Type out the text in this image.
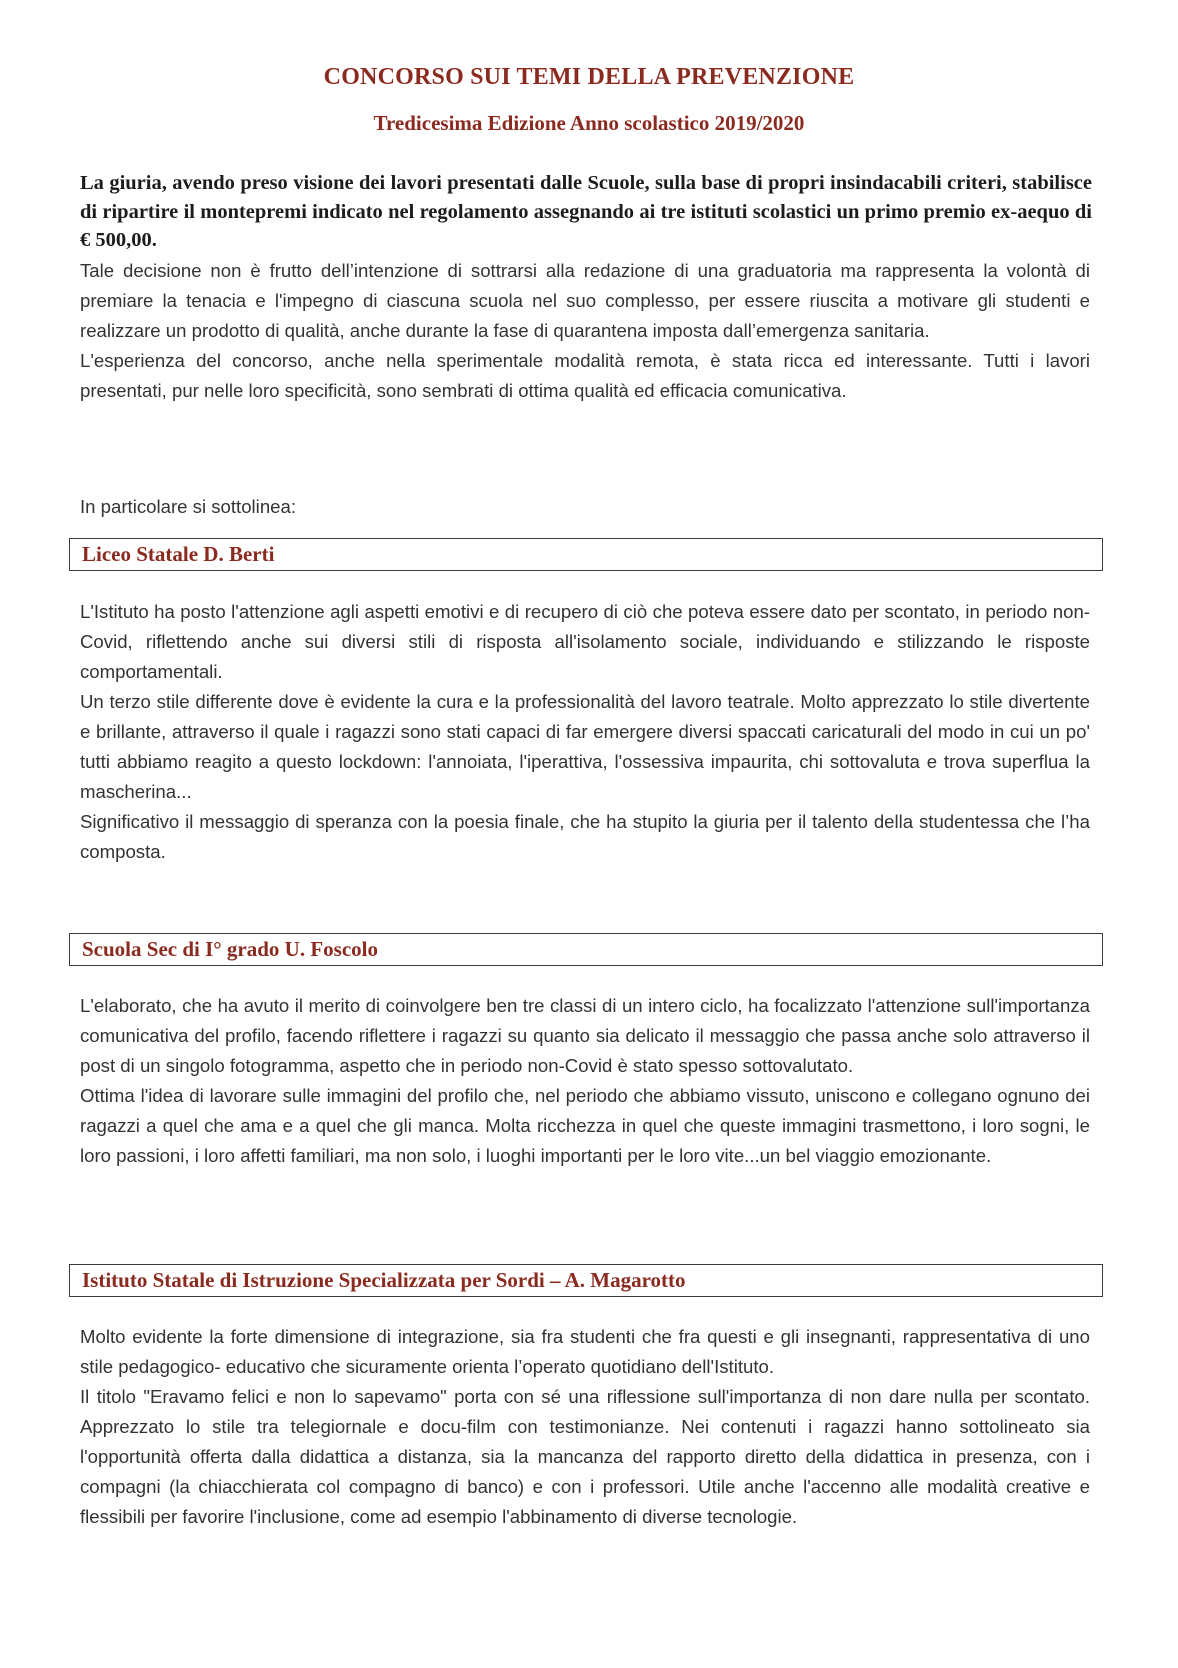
CONCORSO SUI TEMI DELLA PREVENZIONE
Tredicesima Edizione Anno scolastico 2019/2020
La giuria, avendo preso visione dei lavori presentati dalle Scuole, sulla base di propri insindacabili criteri, stabilisce di ripartire il montepremi indicato nel regolamento assegnando ai tre istituti scolastici un primo premio ex-aequo di € 500,00.

Tale decisione non è frutto dell’intenzione di sottrarsi alla redazione di una graduatoria ma rappresenta la volontà di premiare la tenacia e l'impegno di ciascuna scuola nel suo complesso, per essere riuscita a motivare gli studenti e realizzare un prodotto di qualità, anche durante la fase di quarantena imposta dall’emergenza sanitaria.

L'esperienza del concorso, anche nella sperimentale modalità remota, è stata ricca ed interessante. Tutti i lavori presentati, pur nelle loro specificità, sono sembrati di ottima qualità ed efficacia comunicativa.

In particolare si sottolinea:
Liceo Statale D. Berti

L'Istituto ha posto l'attenzione agli aspetti emotivi e di recupero di ciò che poteva essere dato per scontato, in periodo non-Covid, riflettendo anche sui diversi stili di risposta all'isolamento sociale, individuando e stilizzando le risposte comportamentali.

Un terzo stile differente dove è evidente la cura e la professionalità del lavoro teatrale. Molto apprezzato lo stile divertente e brillante, attraverso il quale i ragazzi sono stati capaci di far emergere diversi spaccati caricaturali del modo in cui un po' tutti abbiamo reagito a questo lockdown: l'annoiata, l'iperattiva, l'ossessiva impaurita, chi sottovaluta e trova superflua la mascherina...

Significativo il messaggio di speranza con la poesia finale, che ha stupito la giuria per il talento della studentessa che l’ha composta.

Scuola Sec di I° grado U. Foscolo

L'elaborato, che ha avuto il merito di coinvolgere ben tre classi di un intero ciclo, ha focalizzato l'attenzione sull'importanza comunicativa del profilo, facendo riflettere i ragazzi su quanto sia delicato il messaggio che passa anche solo attraverso il post di un singolo fotogramma, aspetto che in periodo non-Covid è stato spesso sottovalutato.

Ottima l'idea di lavorare sulle immagini del profilo che, nel periodo che abbiamo vissuto, uniscono e collegano ognuno dei ragazzi a quel che ama e a quel che gli manca. Molta ricchezza in quel che queste immagini trasmettono, i loro sogni, le loro passioni, i loro affetti familiari, ma non solo, i luoghi importanti per le loro vite...un bel viaggio emozionante.

Istituto Statale di Istruzione Specializzata per Sordi – A. Magarotto

Molto evidente la forte dimensione di integrazione, sia fra studenti che fra questi e gli insegnanti, rappresentativa di uno stile pedagogico- educativo che sicuramente orienta l’operato quotidiano dell'Istituto.

Il titolo "Eravamo felici e non lo sapevamo" porta con sé una riflessione sull'importanza di non dare nulla per scontato. Apprezzato lo stile tra telegiornale e docu-film con testimonianze. Nei contenuti i ragazzi hanno sottolineato sia l'opportunità offerta dalla didattica a distanza, sia la mancanza del rapporto diretto della didattica in presenza, con i compagni (la chiacchierata col compagno di banco) e con i professori. Utile anche l'accenno alle modalità creative e flessibili per favorire l'inclusione, come ad esempio l'abbinamento di diverse tecnologie.
